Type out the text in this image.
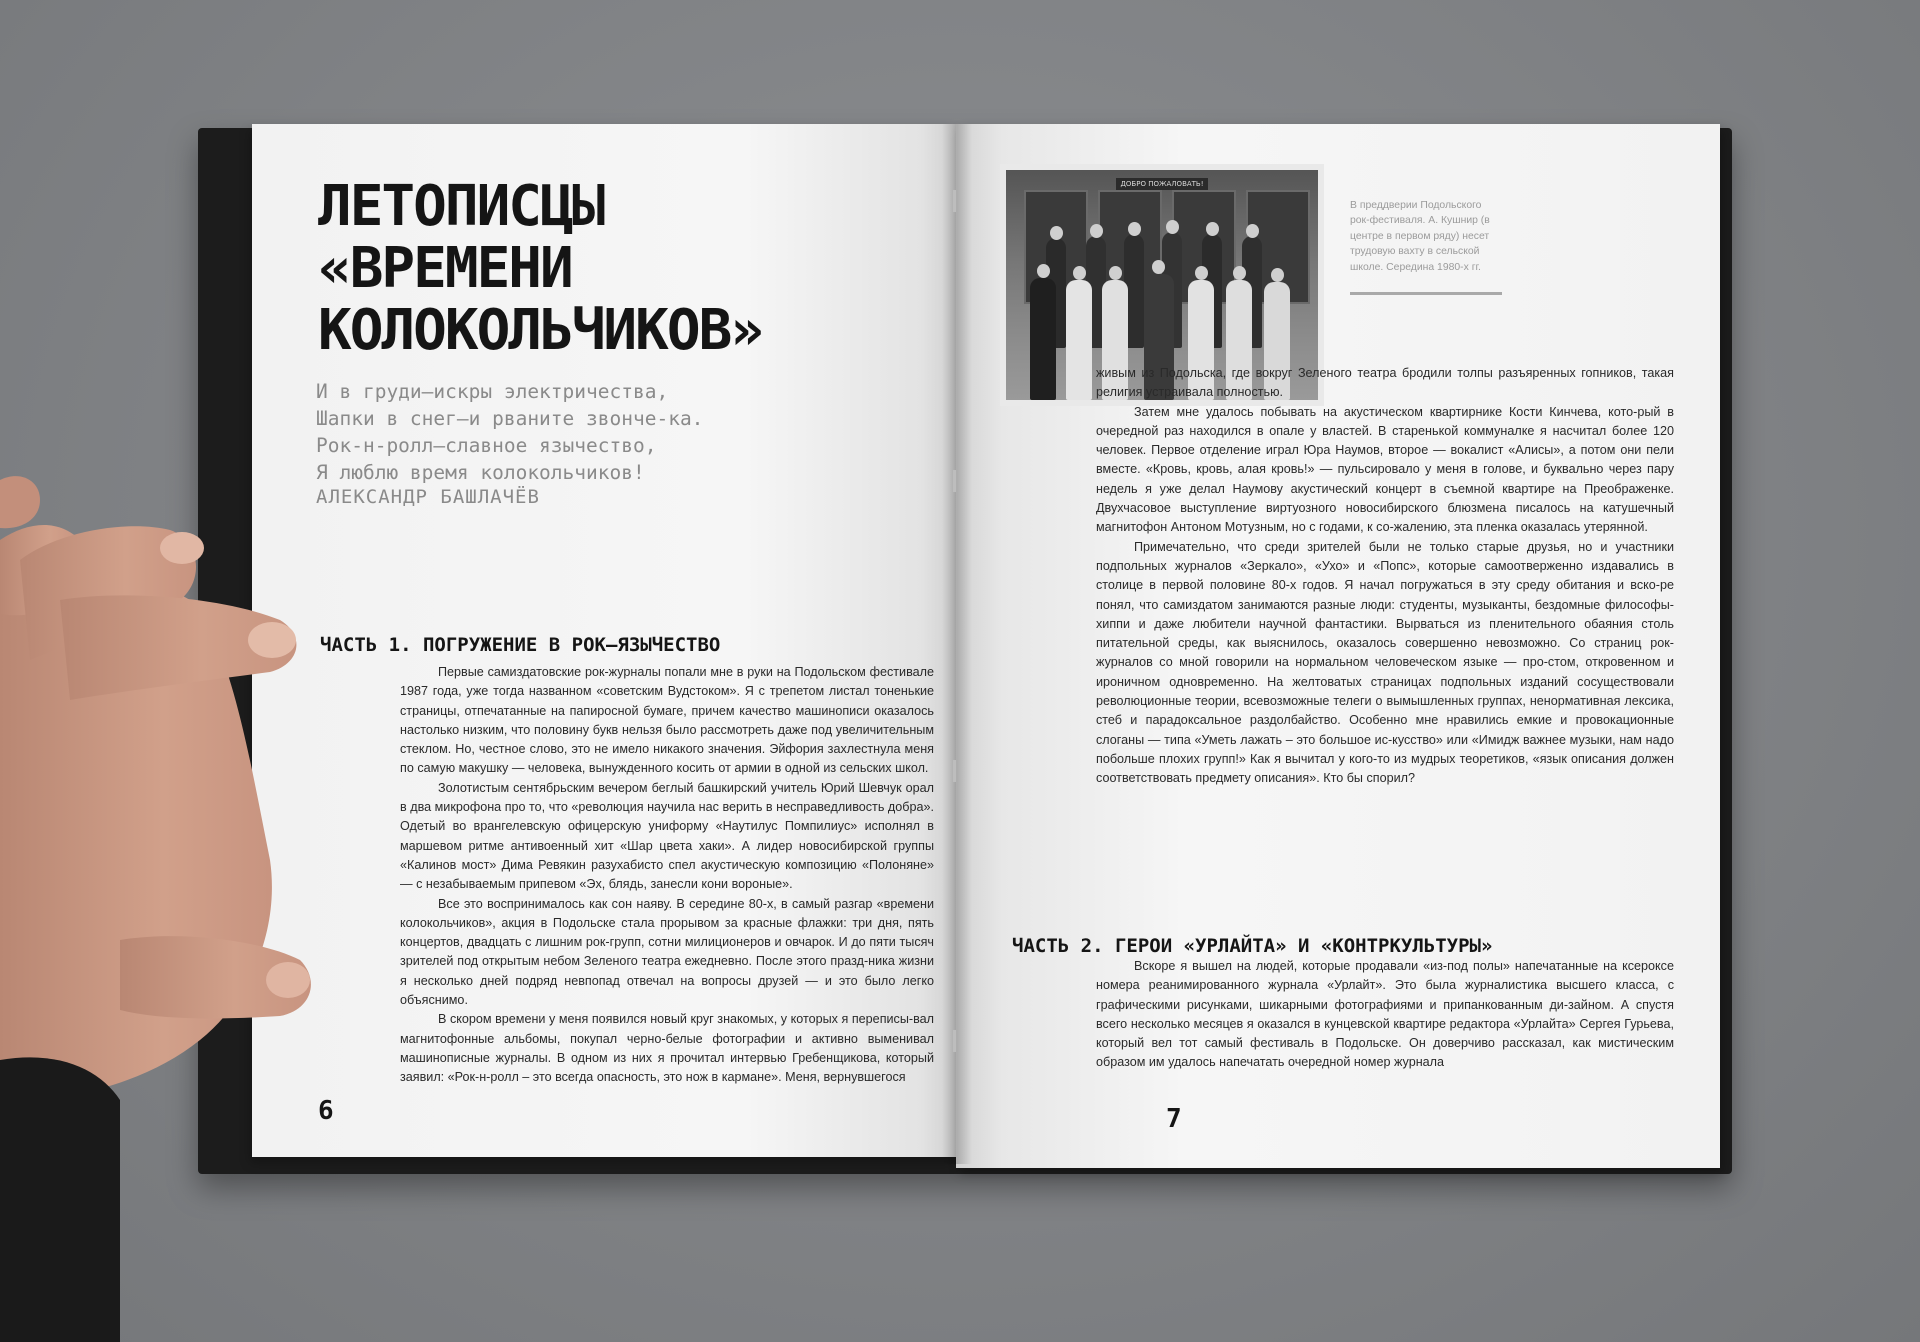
ЛЕТОПИСЦЫ
«ВРЕМЕНИ
КОЛОКОЛЬЧИКОВ»
И в груди—искры электричества,
Шапки в снег—и рваните звонче-ка.
Рок-н-ролл—славное язычество,
Я люблю время колокольчиков!
АЛЕКСАНДР БАШЛАЧЁВ
ЧАСТЬ 1. ПОГРУЖЕНИЕ В РОК–ЯЗЫЧЕСТВО

Первые самиздатовские рок-журналы попали мне в руки на Подольском фестивале 1987 года, уже тогда названном «советским Вудстоком». Я с трепетом листал тоненькие страницы, отпечатанные на папиросной бумаге, причем качество машинописи оказалось настолько низким, что половину букв нельзя было рассмотреть даже под увеличительным стеклом. Но, честное слово, это не имело никакого значения. Эйфория захлестнула меня по самую макушку — человека, вынужденного косить от армии в одной из сельских школ.

Золотистым сентябрьским вечером беглый башкирский учитель Юрий Шевчук орал в два микрофона про то, что «революция научила нас верить в несправедливость добра». Одетый во врангелевскую офицерскую униформу «Наутилус Помпилиус» исполнял в маршевом ритме антивоенный хит «Шар цвета хаки». А лидер новосибирской группы «Калинов мост» Дима Ревякин разухабисто спел акустическую композицию «Полоняне» — с незабываемым припевом «Эх, блядь, занесли кони вороные».

Все это воспринималось как сон наяву. В середине 80-х, в самый разгар «времени колокольчиков», акция в Подольске стала прорывом за красные флажки: три дня, пять концертов, двадцать с лишним рок-групп, сотни милиционеров и овчарок. И до пяти тысяч зрителей под открытым небом Зеленого театра ежедневно. После этого празд-ника жизни я несколько дней подряд невпопад отвечал на вопросы друзей — и это было легко объяснимо.

В скором времени у меня появился новый круг знакомых, у которых я переписы-вал магнитофонные альбомы, покупал черно-белые фотографии и активно выменивал машинописные журналы. В одном из них я прочитал интервью Гребенщикова, который заявил: «Рок-н-ролл – это всегда опасность, это нож в кармане». Меня, вернувшегося

6
ДОБРО ПОЖАЛОВАТЬ!
В преддверии Подольского рок-фестиваля. А. Кушнир (в центре в первом ряду) несет трудовую вахту в сельской школе. Середина 1980-х гг.

живым из Подольска, где вокруг Зеленого театра бродили толпы разъяренных гопников, такая религия устраивала полностью.

Затем мне удалось побывать на акустическом квартирнике Кости Кинчева, кото-рый в очередной раз находился в опале у властей. В старенькой коммуналке я насчитал более 120 человек. Первое отделение играл Юра Наумов, второе — вокалист «Алисы», а потом они пели вместе. «Кровь, кровь, алая кровь!» — пульсировало у меня в голове, и буквально через пару недель я уже делал Наумову акустический концерт в съемной квартире на Преображенке. Двухчасовое выступление виртуозного новосибирского блюзмена писалось на катушечный магнитофон Антоном Мотузным, но с годами, к со-жалению, эта пленка оказалась утерянной.

Примечательно, что среди зрителей были не только старые друзья, но и участники подпольных журналов «Зеркало», «Ухо» и «Попс», которые самоотверженно издавались в столице в первой половине 80-х годов. Я начал погружаться в эту среду обитания и вско-ре понял, что самиздатом занимаются разные люди: студенты, музыканты, бездомные философы-хиппи и даже любители научной фантастики. Вырваться из пленительного обаяния столь питательной среды, как выяснилось, оказалось совершенно невозможно. Со страниц рок-журналов со мной говорили на нормальном человеческом языке — про-стом, откровенном и ироничном одновременно. На желтоватых страницах подпольных изданий сосуществовали революционные теории, всевозможные телеги о вымышленных группах, ненормативная лексика, стеб и парадоксальное раздолбайство. Особенно мне нравились емкие и провокационные слоганы — типа «Уметь лажать – это большое ис-кусство» или «Имидж важнее музыки, нам надо побольше плохих групп!» Как я вычитал у кого-то из мудрых теоретиков, «язык описания должен соответствовать предмету описания». Кто бы спорил?

ЧАСТЬ 2. ГЕРОИ «УРЛАЙТА» И «КОНТРКУЛЬТУРЫ»

Вскоре я вышел на людей, которые продавали «из-под полы» напечатанные на ксероксе номера реанимированного журнала «Урлайт». Это была журналистика высшего класса, с графическими рисунками, шикарными фотографиями и припанкованным ди-зайном. А спустя всего несколько месяцев я оказался в кунцевской квартире редактора «Урлайта» Сергея Гурьева, который вел тот самый фестиваль в Подольске. Он доверчиво рассказал, как мистическим образом им удалось напечатать очередной номер журнала

7
